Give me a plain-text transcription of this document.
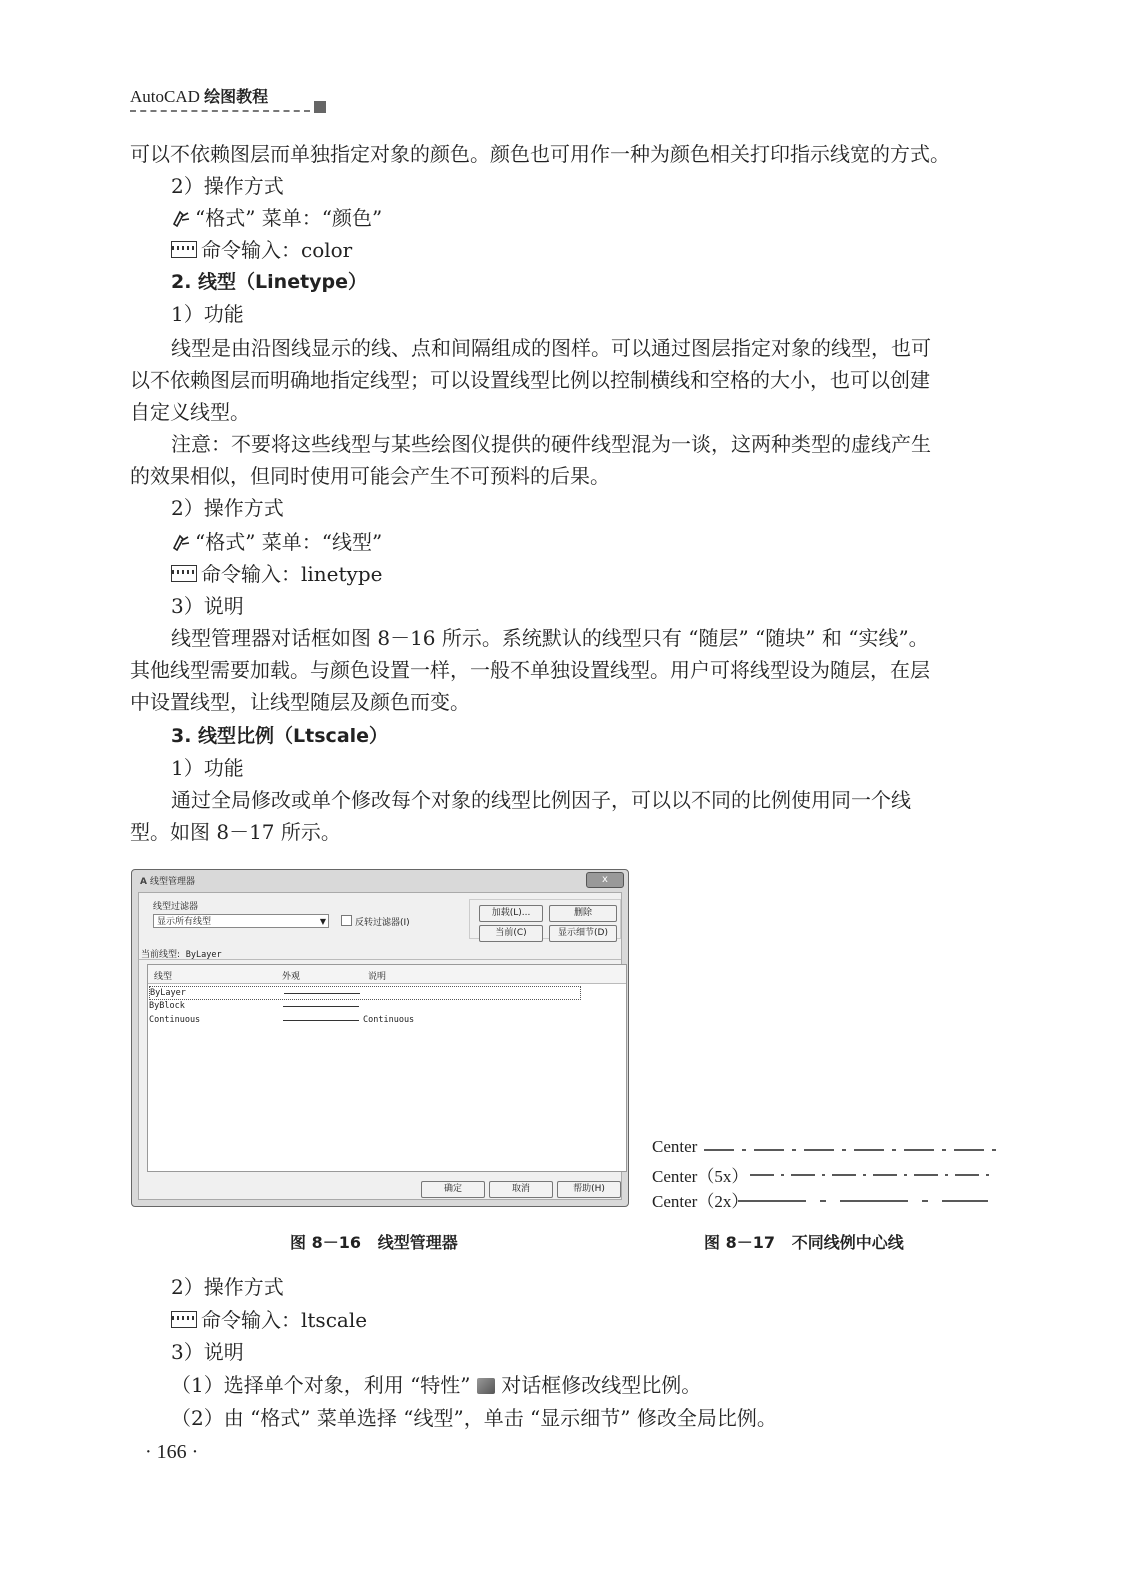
AutoCAD 绘图教程
可以不依赖图层而单独指定对象的颜色。颜色也可用作一种为颜色相关打印指示线宽的方式。
2）操作方式
“格式” 菜单：“颜色”
命令输入：color
2. 线型（Linetype）
1）功能
线型是由沿图线显示的线、点和间隔组成的图样。可以通过图层指定对象的线型，也可
以不依赖图层而明确地指定线型；可以设置线型比例以控制横线和空格的大小，也可以创建
自定义线型。
注意：不要将这些线型与某些绘图仪提供的硬件线型混为一谈，这两种类型的虚线产生
的效果相似，但同时使用可能会产生不可预料的后果。
2）操作方式
“格式” 菜单：“线型”
命令输入：linetype
3）说明
线型管理器对话框如图 8－16 所示。系统默认的线型只有 “随层” “随块” 和 “实线”。
其他线型需要加载。与颜色设置一样，一般不单独设置线型。用户可将线型设为随层，在层
中设置线型，让线型随层及颜色而变。
3. 线型比例（Ltscale）
1）功能
通过全局修改或单个修改每个对象的线型比例因子，可以以不同的比例使用同一个线
型。如图 8－17 所示。
A 线型管理器	x
线型过滤器
显示所有线型	▼	反转过滤器(I)
加载(L)...	删除
当前(C)	显示细节(D)
当前线型: ByLayer
线型	外观	说明
ByLayer
ByBlock
Continuous	Continuous
确定	取消	帮助(H)
Center
Center（5x）
Center（2x）
图 8－16 线型管理器	图 8－17 不同线例中心线
2）操作方式
命令输入：ltscale
3）说明
（1）选择单个对象，利用 “特性” 对话框修改线型比例。
（2）由 “格式” 菜单选择 “线型”，单击 “显示细节” 修改全局比例。
· 166 ·
